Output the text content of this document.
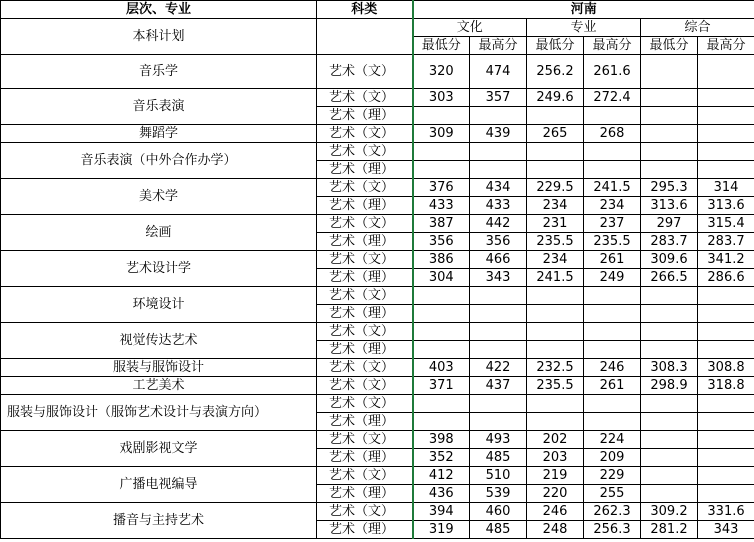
层次、专业	科类	河南					
本科计划		文化		专业		综合	
		最低分	最高分	最低分	最高分	最低分	最高分
音乐学	艺术（文）	320	474	256.2	261.6		
音乐表演	艺术（文）	303	357	249.6	272.4		
	艺术（理）						
舞蹈学	艺术（文）	309	439	265	268		
音乐表演（中外合作办学）	艺术（文）						
	艺术（理）						
美术学	艺术（文）	376	434	229.5	241.5	295.3	314
	艺术（理）	433	433	234	234	313.6	313.6
绘画	艺术（文）	387	442	231	237	297	315.4
	艺术（理）	356	356	235.5	235.5	283.7	283.7
艺术设计学	艺术（文）	386	466	234	261	309.6	341.2
	艺术（理）	304	343	241.5	249	266.5	286.6
环境设计	艺术（文）						
	艺术（理）						
视觉传达艺术	艺术（文）						
	艺术（理）						
服装与服饰设计	艺术（文）	403	422	232.5	246	308.3	308.8
工艺美术	艺术（文）	371	437	235.5	261	298.9	318.8
服装与服饰设计（服饰艺术设计与表演方向）	艺术（文）						
	艺术（理）						
戏剧影视文学	艺术（文）	398	493	202	224		
	艺术（理）	352	485	203	209		
广播电视编导	艺术（文）	412	510	219	229		
	艺术（理）	436	539	220	255		
播音与主持艺术	艺术（文）	394	460	246	262.3	309.2	331.6
	艺术（理）	319	485	248	256.3	281.2	343
